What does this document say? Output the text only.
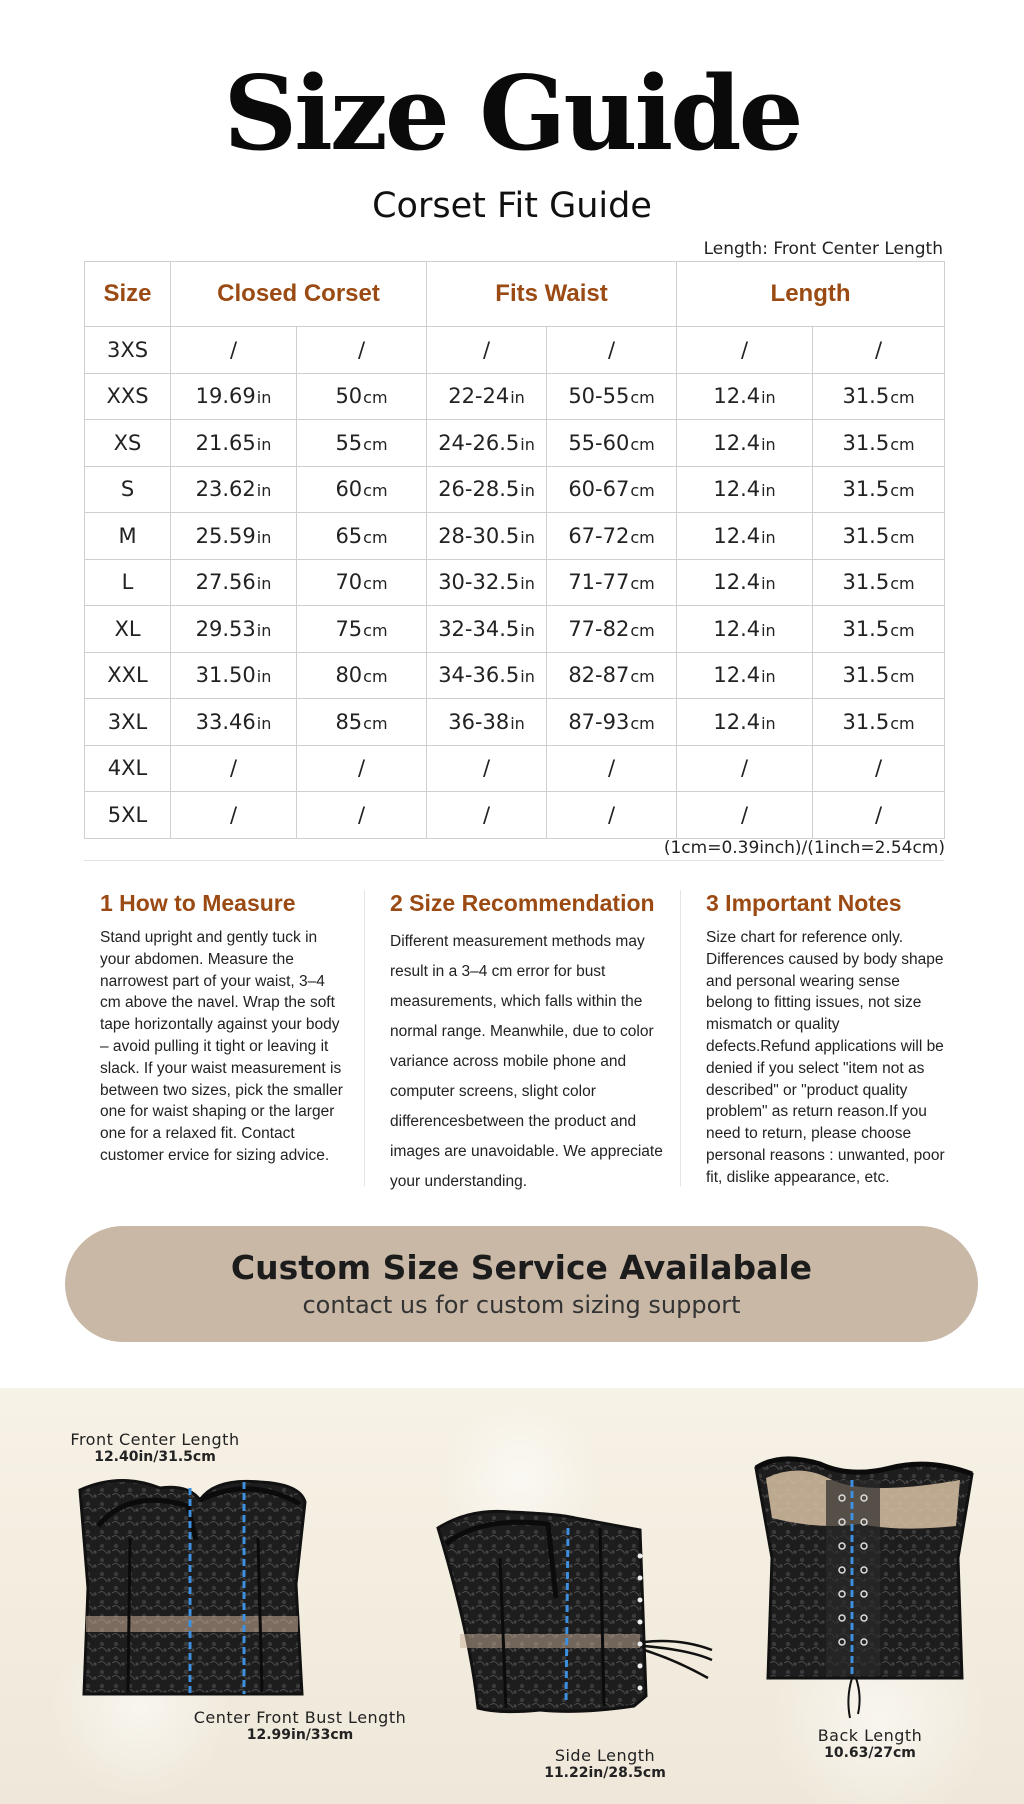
Size Guide
Corset Fit Guide
Length: Front Center Length
Size	Closed Corset		Fits Waist		Length	
3XS	/	/	/	/	/	/
XXS	19.69in	50cm	22-24in	50-55cm	12.4in	31.5cm
XS	21.65in	55cm	24-26.5in	55-60cm	12.4in	31.5cm
S	23.62in	60cm	26-28.5in	60-67cm	12.4in	31.5cm
M	25.59in	65cm	28-30.5in	67-72cm	12.4in	31.5cm
L	27.56in	70cm	30-32.5in	71-77cm	12.4in	31.5cm
XL	29.53in	75cm	32-34.5in	77-82cm	12.4in	31.5cm
XXL	31.50in	80cm	34-36.5in	82-87cm	12.4in	31.5cm
3XL	33.46in	85cm	36-38in	87-93cm	12.4in	31.5cm
4XL	/	/	/	/	/	/
5XL	/	/	/	/	/	/
(1cm=0.39inch)/(1inch=2.54cm)
1 How to Measure

Stand upright and gently tuck in your abdomen. Measure the narrowest part of your waist, 3–4 cm above the navel. Wrap the soft tape horizontally against your body – avoid pulling it tight or leaving it slack. If your waist measurement is between two sizes, pick the smaller one for waist shaping or the larger one for a relaxed fit. Contact customer ervice for sizing advice.

2 Size Recommendation

Different measurement methods may result in a 3–4 cm error for bust measurements, which falls within the normal range. Meanwhile, due to color variance across mobile phone and computer screens, slight color differencesbetween the product and images are unavoidable. We appreciate your understanding.

3 Important Notes

Size chart for reference only. Differences caused by body shape and personal wearing sense belong to fitting issues, not size mismatch or quality defects.Refund applications will be denied if you select "item not as described" or "product quality problem" as return reason.If you need to return, please choose personal reasons : unwanted, poor fit, dislike appearance, etc.

Custom Size Service Availabale
contact us for custom sizing support
Front Center Length
12.40in/31.5cm
Center Front Bust Length
12.99in/33cm
Side Length
11.22in/28.5cm
Back Length
10.63/27cm
